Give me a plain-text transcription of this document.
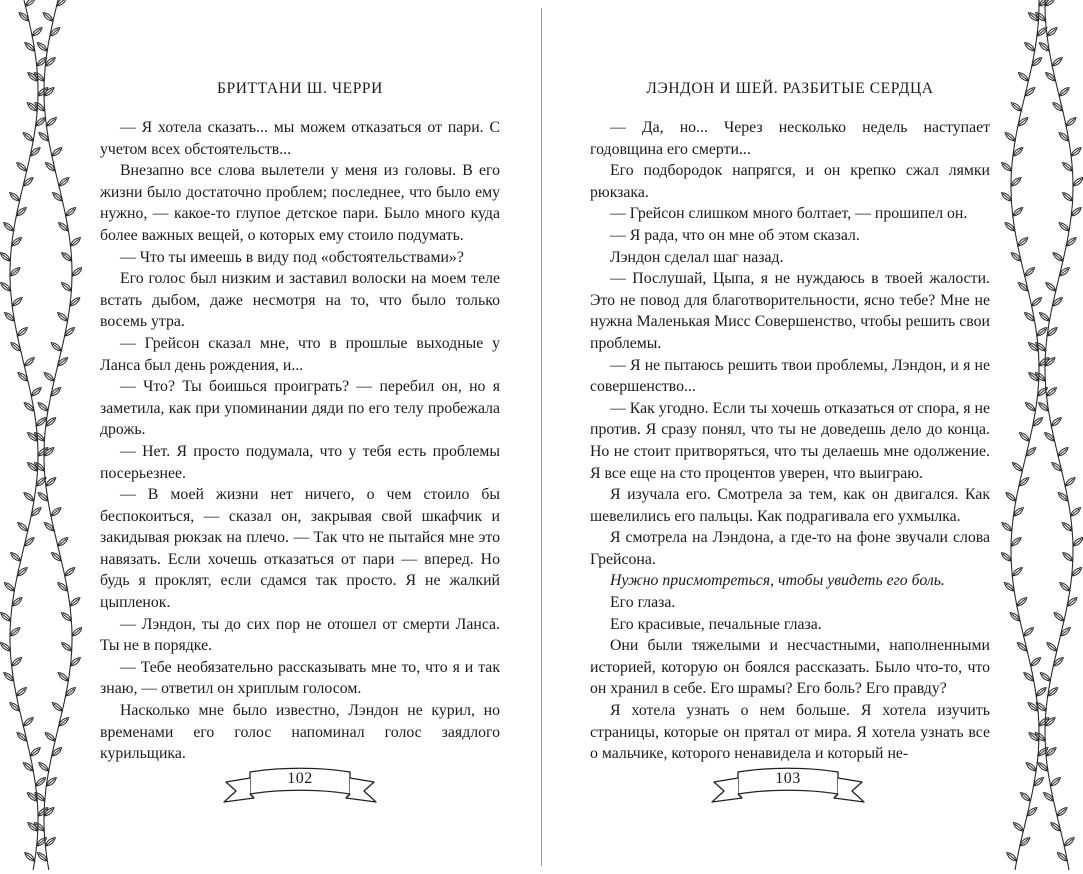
БРИТТАНИ Ш. ЧЕРРИ

— Я хотела сказать... мы можем отказаться от пари. С учетом всех обстоятельств...

Внезапно все слова вылетели у меня из головы. В его жизни было достаточно проблем; последнее, что было ему нужно, — какое-то глупое детское пари. Было много куда более важных вещей, о которых ему стоило подумать.

— Что ты имеешь в виду под «обстоятельствами»?

Его голос был низким и заставил волоски на моем теле встать дыбом, даже несмотря на то, что было только восемь утра.

— Грейсон сказал мне, что в прошлые выходные у Ланса был день рождения, и...

— Что? Ты боишься проиграть? — перебил он, но я заметила, как при упоминании дяди по его телу пробежала дрожь.

— Нет. Я просто подумала, что у тебя есть проблемы посерьезнее.

— В моей жизни нет ничего, о чем стоило бы беспокоиться, — сказал он, закрывая свой шкафчик и закидывая рюкзак на плечо. — Так что не пытайся мне это навязать. Если хочешь отказаться от пари — вперед. Но будь я проклят, если сдамся так просто. Я не жалкий цыпленок.

— Лэндон, ты до сих пор не отошел от смерти Ланса. Ты не в порядке.

— Тебе необязательно рассказывать мне то, что я и так знаю, — ответил он хриплым голосом.

Насколько мне было известно, Лэндон не курил, но временами его голос напоминал голос заядлого курильщика.

102
ЛЭНДОН И ШЕЙ. РАЗБИТЫЕ СЕРДЦА

— Да, но... Через несколько недель наступает годовщина его смерти...

Его подбородок напрягся, и он крепко сжал лямки рюкзака.

— Грейсон слишком много болтает, — прошипел он.

— Я рада, что он мне об этом сказал.

Лэндон сделал шаг назад.

— Послушай, Цыпа, я не нуждаюсь в твоей жалости. Это не повод для благотворительности, ясно тебе? Мне не нужна Маленькая Мисс Совершенство, чтобы решить свои проблемы.

— Я не пытаюсь решить твои проблемы, Лэндон, и я не совершенство...

— Как угодно. Если ты хочешь отказаться от спора, я не против. Я сразу понял, что ты не доведешь дело до конца. Но не стоит притворяться, что ты делаешь мне одолжение. Я все еще на сто процентов уверен, что выиграю.

Я изучала его. Смотрела за тем, как он двигался. Как шевелились его пальцы. Как подрагивала его ухмылка.

Я смотрела на Лэндона, а где-то на фоне звучали слова Грейсона.

Нужно присмотреться, чтобы увидеть его боль.

Его глаза.

Его красивые, печальные глаза.

Они были тяжелыми и несчастными, наполненными историей, которую он боялся рассказать. Было что-то, что он хранил в себе. Его шрамы? Его боль? Его правду?

Я хотела узнать о нем больше. Я хотела изучить страницы, которые он прятал от мира. Я хотела узнать все о мальчике, которого ненавидела и который не-

103
